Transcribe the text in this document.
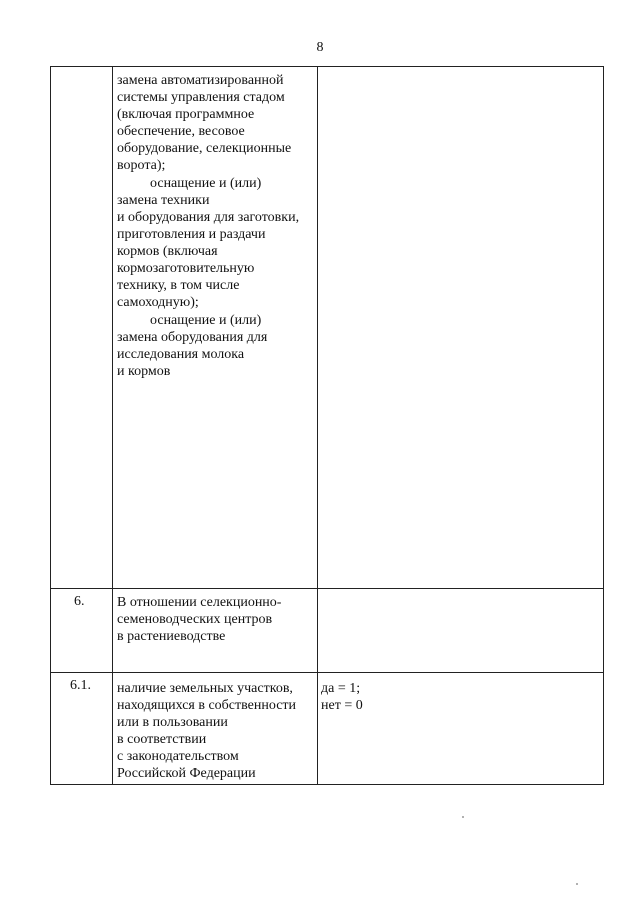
8
замена автоматизированной
системы управления стадом
(включая программное
обеспечение, весовое
оборудование, селекционные
ворота);
оснащение и (или)
замена техники
и оборудования для заготовки,
приготовления и раздачи
кормов (включая
кормозаготовительную
технику, в том числе
самоходную);
оснащение и (или)
замена оборудования для
исследования молока
и кормов
6. В отношении селекционно-
семеноводческих центров
в растениеводстве
6.1. наличие земельных участков,
находящихся в собственности
или в пользовании
в соответствии
с законодательством
Российской Федерации
да = 1;
нет = 0
